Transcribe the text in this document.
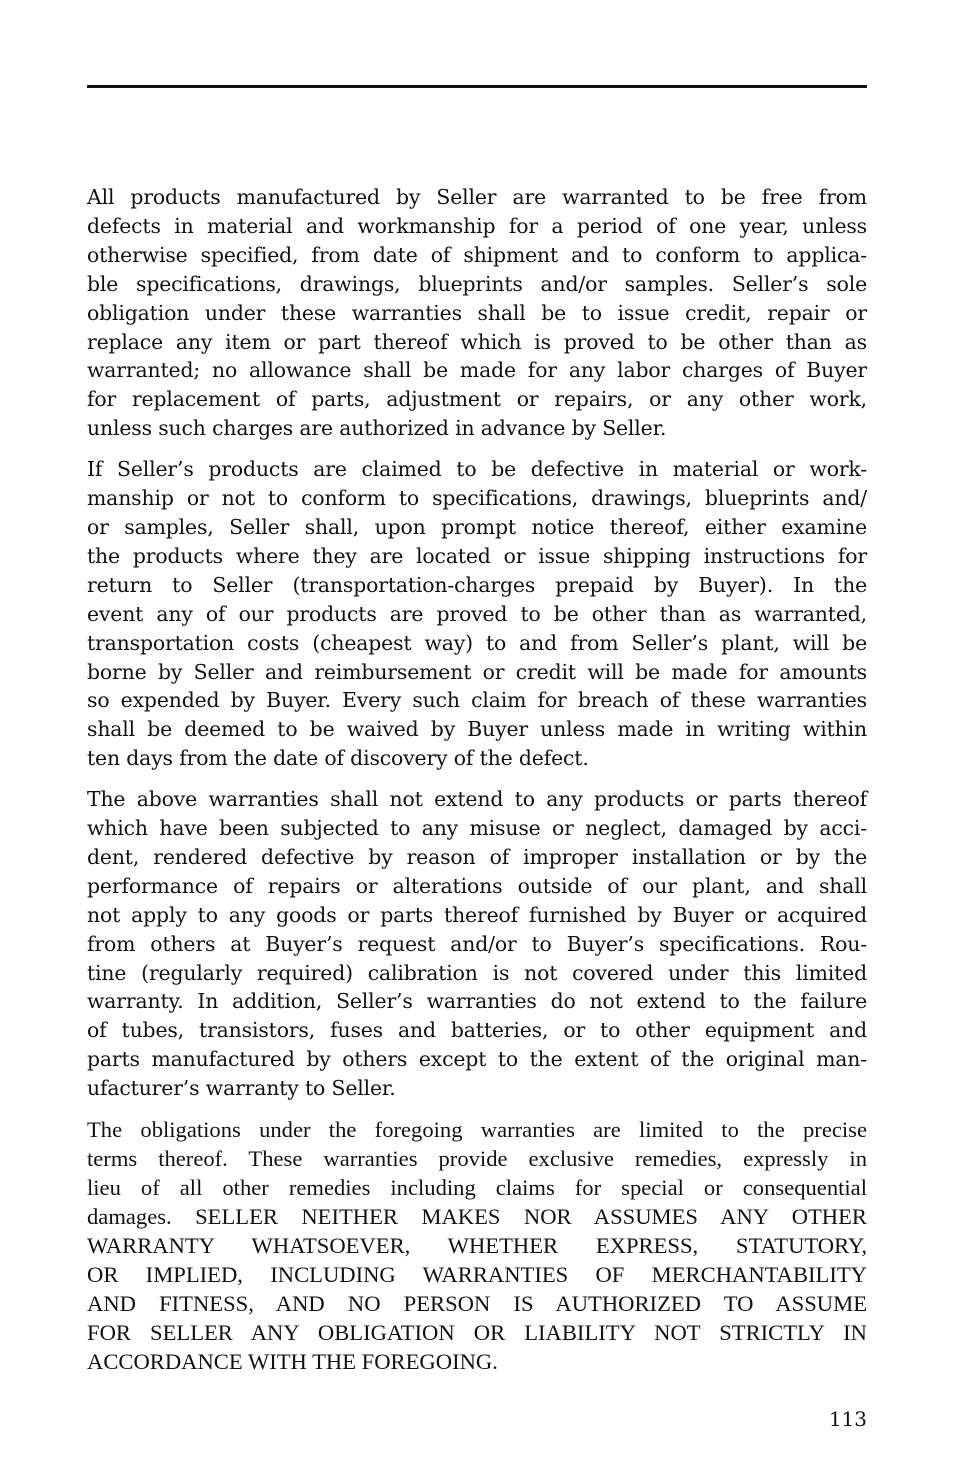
All products manufactured by Seller are warranted to be free from
defects in material and workmanship for a period of one year, unless
otherwise specified, from date of shipment and to conform to applica-
ble specifications, drawings, blueprints and/or samples. Seller’s sole
obligation under these warranties shall be to issue credit, repair or
replace any item or part thereof which is proved to be other than as
warranted; no allowance shall be made for any labor charges of Buyer
for replacement of parts, adjustment or repairs, or any other work,
unless such charges are authorized in advance by Seller.

If Seller’s products are claimed to be defective in material or work-
manship or not to conform to specifications, drawings, blueprints and/
or samples, Seller shall, upon prompt notice thereof, either examine
the products where they are located or issue shipping instructions for
return to Seller (transportation-charges prepaid by Buyer). In the
event any of our products are proved to be other than as warranted,
transportation costs (cheapest way) to and from Seller’s plant, will be
borne by Seller and reimbursement or credit will be made for amounts
so expended by Buyer. Every such claim for breach of these warranties
shall be deemed to be waived by Buyer unless made in writing within
ten days from the date of discovery of the defect.

The above warranties shall not extend to any products or parts thereof
which have been subjected to any misuse or neglect, damaged by acci-
dent, rendered defective by reason of improper installation or by the
performance of repairs or alterations outside of our plant, and shall
not apply to any goods or parts thereof furnished by Buyer or acquired
from others at Buyer’s request and/or to Buyer’s specifications. Rou-
tine (regularly required) calibration is not covered under this limited
warranty. In addition, Seller’s warranties do not extend to the failure
of tubes, transistors, fuses and batteries, or to other equipment and
parts manufactured by others except to the extent of the original man-
ufacturer’s warranty to Seller.

The obligations under the foregoing warranties are limited to the precise
terms thereof. These warranties provide exclusive remedies, expressly in
lieu of all other remedies including claims for special or consequential
damages. SELLER NEITHER MAKES NOR ASSUMES ANY OTHER
WARRANTY WHATSOEVER, WHETHER EXPRESS, STATUTORY,
OR IMPLIED, INCLUDING WARRANTIES OF MERCHANTABILITY
AND FITNESS, AND NO PERSON IS AUTHORIZED TO ASSUME
FOR SELLER ANY OBLIGATION OR LIABILITY NOT STRICTLY IN
ACCORDANCE WITH THE FOREGOING.

113
